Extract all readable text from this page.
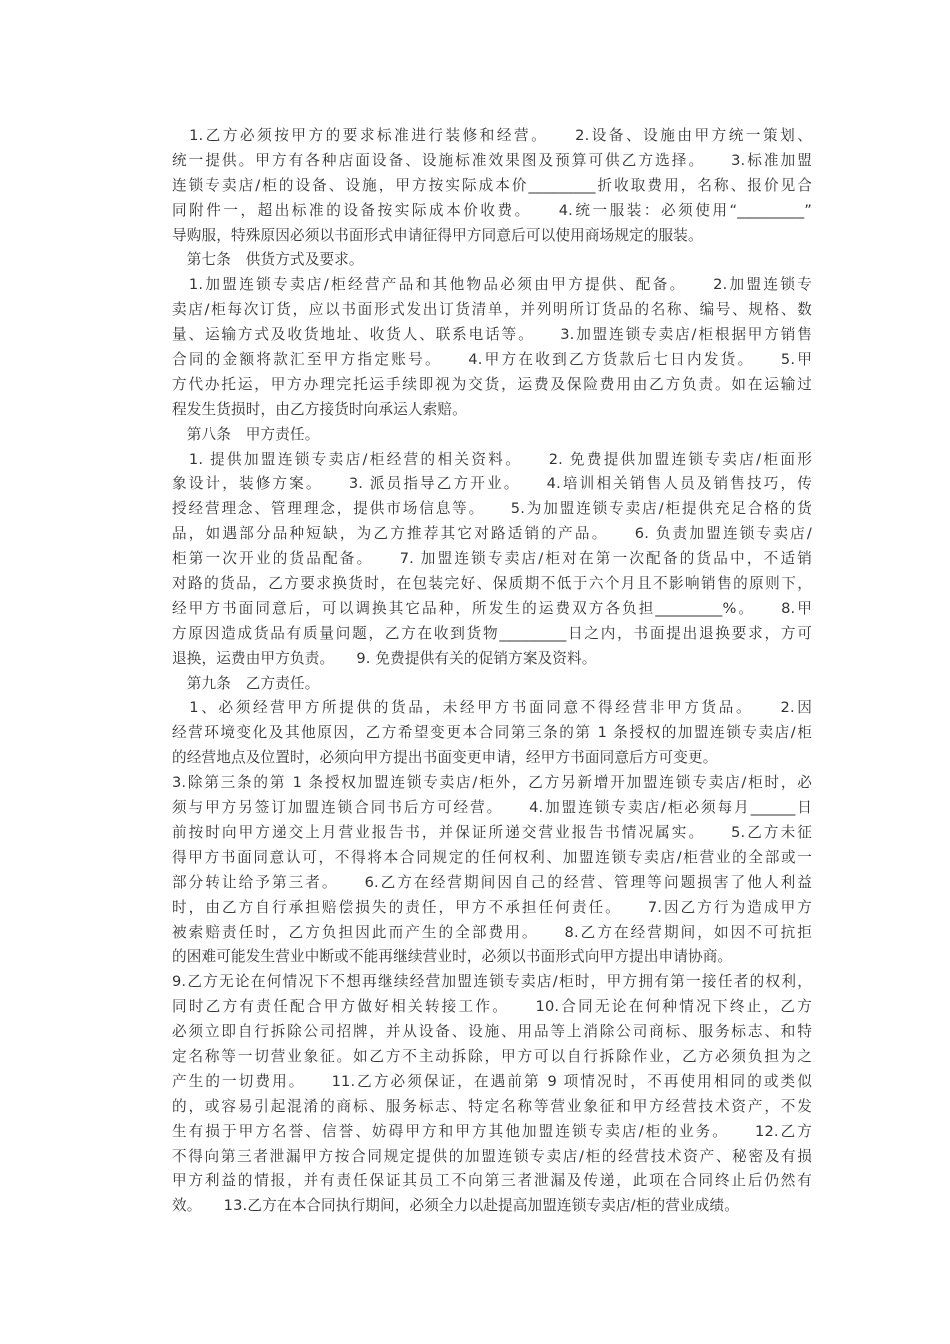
　1.乙方必须按甲方的要求标准进行装修和经营。　　2.设备、设施由甲方统一策划、
统一提供。甲方有各种店面设备、设施标准效果图及预算可供乙方选择。　　3.标准加盟
连锁专卖店/柜的设备、设施，甲方按实际成本价_________折收取费用，名称、报价见合
同附件一，超出标准的设备按实际成本价收费。　　4.统一服装：必须使用“_________”
导购服，特殊原因必须以书面形式申请征得甲方同意后可以使用商场规定的服装。
　第七条　供货方式及要求。
　1.加盟连锁专卖店/柜经营产品和其他物品必须由甲方提供、配备。　　2.加盟连锁专
卖店/柜每次订货，应以书面形式发出订货清单，并列明所订货品的名称、编号、规格、数
量、运输方式及收货地址、收货人、联系电话等。　　3.加盟连锁专卖店/柜根据甲方销售
合同的金额将款汇至甲方指定账号。　　4.甲方在收到乙方货款后七日内发货。　　5.甲
方代办托运，甲方办理完托运手续即视为交货，运费及保险费用由乙方负责。如在运输过
程发生货损时，由乙方接货时向承运人索赔。
　第八条　甲方责任。
　1. 提供加盟连锁专卖店/柜经营的相关资料。　　2. 免费提供加盟连锁专卖店/柜面形
象设计，装修方案。　　3. 派员指导乙方开业。　　4.培训相关销售人员及销售技巧，传
授经营理念、管理理念，提供市场信息等。　　5.为加盟连锁专卖店/柜提供充足合格的货
品，如遇部分品种短缺，为乙方推荐其它对路适销的产品。　　6. 负责加盟连锁专卖店/
柜第一次开业的货品配备。　　7. 加盟连锁专卖店/柜对在第一次配备的货品中，不适销
对路的货品，乙方要求换货时，在包装完好、保质期不低于六个月且不影响销售的原则下，
经甲方书面同意后，可以调换其它品种，所发生的运费双方各负担_________%。　　8.甲
方原因造成货品有质量问题，乙方在收到货物_________日之内，书面提出退换要求，方可
退换，运费由甲方负责。　　9. 免费提供有关的促销方案及资料。
　第九条　乙方责任。
　1、必须经营甲方所提供的货品，未经甲方书面同意不得经营非甲方货品。　　2.因
经营环境变化及其他原因，乙方希望变更本合同第三条的第 1 条授权的加盟连锁专卖店/柜
的经营地点及位置时，必须向甲方提出书面变更申请，经甲方书面同意后方可变更。
3.除第三条的第 1 条授权加盟连锁专卖店/柜外，乙方另新增开加盟连锁专卖店/柜时，必
须与甲方另签订加盟连锁合同书后方可经营。　　4.加盟连锁专卖店/柜必须每月______日
前按时向甲方递交上月营业报告书，并保证所递交营业报告书情况属实。　　5.乙方未征
得甲方书面同意认可，不得将本合同规定的任何权利、加盟连锁专卖店/柜营业的全部或一
部分转让给予第三者。　　6.乙方在经营期间因自己的经营、管理等问题损害了他人利益
时，由乙方自行承担赔偿损失的责任，甲方不承担任何责任。　　7.因乙方行为造成甲方
被索赔责任时，乙方负担因此而产生的全部费用。　　8.乙方在经营期间，如因不可抗拒
的困难可能发生营业中断或不能再继续营业时，必须以书面形式向甲方提出申请协商。
9.乙方无论在何情况下不想再继续经营加盟连锁专卖店/柜时，甲方拥有第一接任者的权利，
同时乙方有责任配合甲方做好相关转接工作。　　10.合同无论在何种情况下终止，乙方
必须立即自行拆除公司招牌，并从设备、设施、用品等上消除公司商标、服务标志、和特
定名称等一切营业象征。如乙方不主动拆除，甲方可以自行拆除作业，乙方必须负担为之
产生的一切费用。　　11.乙方必须保证，在遇前第 9 项情况时，不再使用相同的或类似
的，或容易引起混淆的商标、服务标志、特定名称等营业象征和甲方经营技术资产，不发
生有损于甲方名誉、信誉、妨碍甲方和甲方其他加盟连锁专卖店/柜的业务。　　12.乙方
不得向第三者泄漏甲方按合同规定提供的加盟连锁专卖店/柜的经营技术资产、秘密及有损
甲方利益的情报，并有责任保证其员工不向第三者泄漏及传递，此项在合同终止后仍然有
效。　　13.乙方在本合同执行期间，必须全力以赴提高加盟连锁专卖店/柜的营业成绩。
